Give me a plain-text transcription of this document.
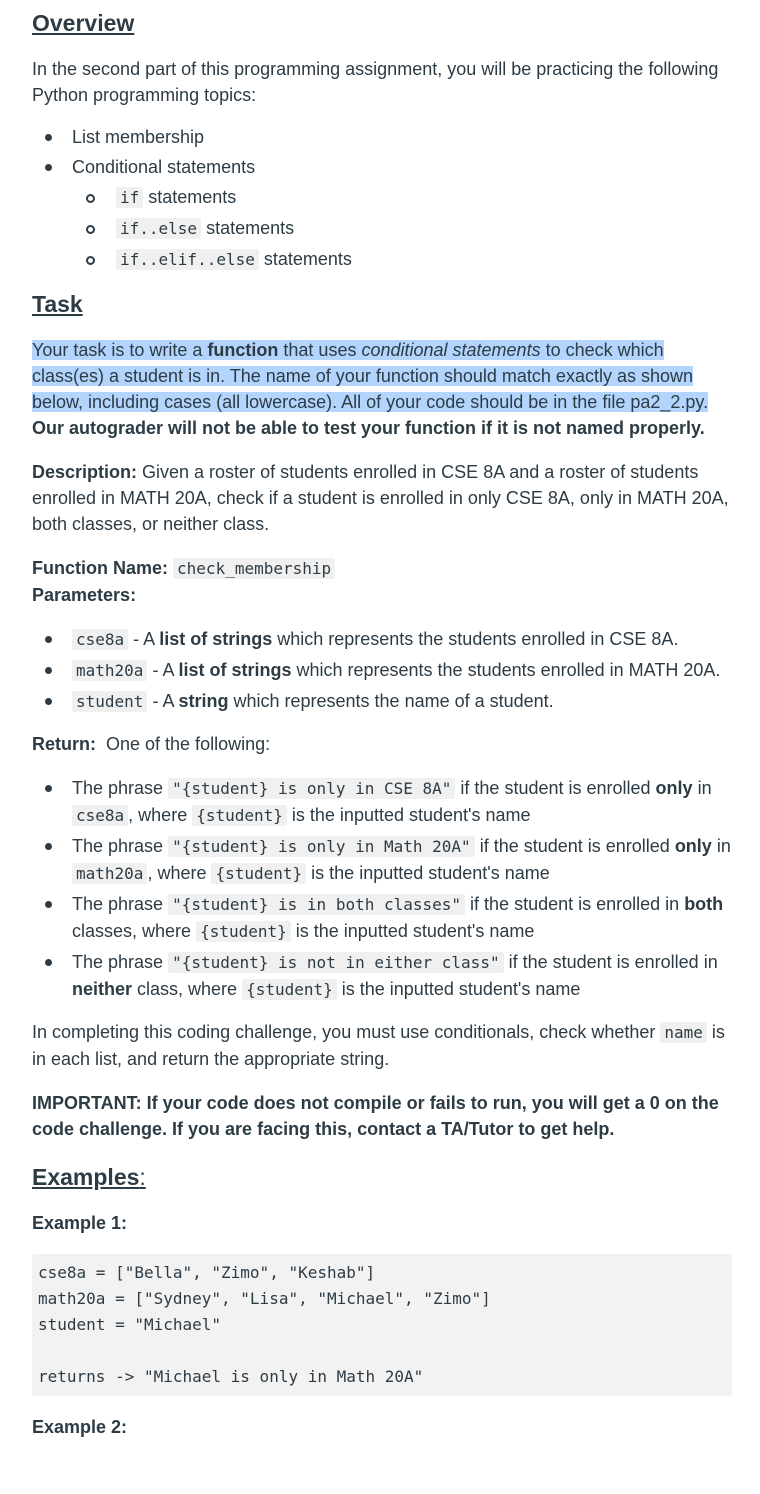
Overview

In the second part of this programming assignment, you will be practicing the following Python programming topics:

List membership
Conditional statements
if statements
if..else statements
if..elif..else statements
Task

Your task is to write a function that uses conditional statements to check which class(es) a student is in. The name of your function should match exactly as shown below, including cases (all lowercase). All of your code should be in the file pa2_2.py. Our autograder will not be able to test your function if it is not named properly.

Description: Given a roster of students enrolled in CSE 8A and a roster of students enrolled in MATH 20A, check if a student is enrolled in only CSE 8A, only in MATH 20A, both classes, or neither class.

Function Name: check_membership

Parameters:

cse8a - A list of strings which represents the students enrolled in CSE 8A.
math20a - A list of strings which represents the students enrolled in MATH 20A.
student - A string which represents the name of a student.

Return:  One of the following:

The phrase "{student} is only in CSE 8A" if the student is enrolled only in cse8a , where {student} is the inputted student's name
The phrase "{student} is only in Math 20A" if the student is enrolled only in math20a , where {student} is the inputted student's name
The phrase "{student} is in both classes" if the student is enrolled in both classes, where {student} is the inputted student's name
The phrase "{student} is not in either class" if the student is enrolled in neither class, where {student} is the inputted student's name

In completing this coding challenge, you must use conditionals, check whether name is in each list, and return the appropriate string.

IMPORTANT: If your code does not compile or fails to run, you will get a 0 on the code challenge. If you are facing this, contact a TA/Tutor to get help.

Examples:

Example 1:

cse8a = ["Bella", "Zimo", "Keshab"]
math20a = ["Sydney", "Lisa", "Michael", "Zimo"]
student = "Michael"

returns -> "Michael is only in Math 20A"

Example 2:
